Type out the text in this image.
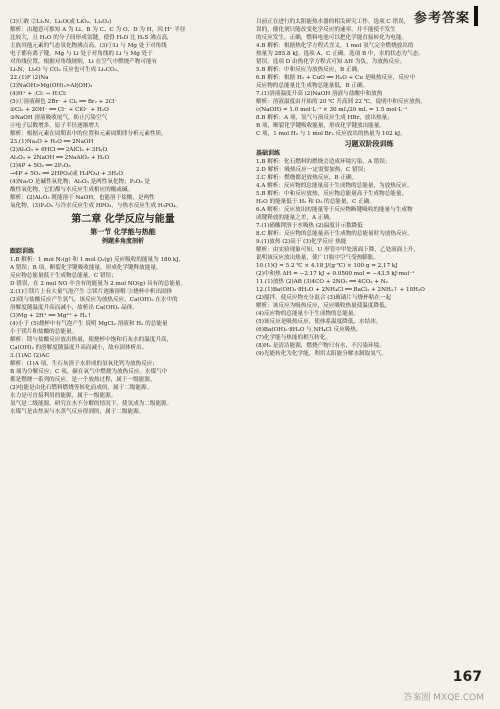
参考答案
(3)①敢 ②Li₂N、Li₂O(或 LiO₂、Li₂O₂)
解析：由题意可推知 A 为 Li、B 为 C、C 为 O、D 为 H，因 H⁺ 半径
比较大，且 H₂O 的分子间形成氢键，使得 H₂O 比 H₂S 沸点高，
主族其他元素的气态氢化物沸点高。(3)①Li 与 Mg 处于对角线
电子都有离子键，Mg 与 Li 处于对角线的 Li 与 Mg 处于
对角线位置，根据对角线规则，Li 在空气中燃烧产物可能有
Li₃N，Li₂O 与 CO₂ 反应也可生成 Li₂CO₃。
22.(1)F (2)Na
(3)NaOH>Mg(OH)₂>Al(OH)₃
(4)H⁺ + :Cl: → H:Cl:
(5)①溶液颜色 2Br⁻ + Cl₂ ══ Br₂ + 2Cl⁻
②Cl₂ + 2OH⁻ ══ Cl⁻ + ClO⁻ + H₂O
③NaOH 溶液吸收尾气，防止污染空气
④电子层数增多，原子半径逐渐增大
解析：根据元素在周期表中的位置和元素周期律分析元素性质。
23.(1)Na₂O + H₂O ══ 2NaOH
(2)Al₂O₃ + 6HCl ══ 2AlCl₃ + 3H₂O
Al₂O₃ + 2NaOH ══ 2NaAlO₂ + H₂O
(3)4P + 5O₂ ══ 2P₂O₅
→4P + 5O₂ ══ 2HPO₃(或 H₃PO₄) + 3H₂O
(4)Na₂O 是碱性氧化物；Al₂O₃ 是两性氧化物；P₂O₅ 是
酸性氧化物，它们都与水反应生成相应的酸或碱。
解析：(2)Al₂O₃ 既能溶于 NaOH，也能溶于盐酸，是两性
氧化物。(3)P₂O₅ 与冷水反应生成 HPO₃，与热水反应生成 H₃PO₄。
第二章 化学反应与能量
第一节 化学能与热能
例题多角度剖析
跟踪训练
1.B 解析：1 mol N₂(g) 和 1 mol O₂(g) 反应吸收的能量为 180 kJ，
A 错误；B 项，断裂化学键吸收能量，形成化学键释放能量，
反应物总能量低于生成物总能量。C 错误；
D 错误，在 2 mol NO 中含有的能量为 2 mol NO(g) 具有的总能量。
2.(1)①镁片上有大量气泡产生 ②镁片逐渐溶解 ③烧杯中析出固体
(2)镁与盐酸反应产生氢气，该反应为放热反应，Ca(OH)₂ 在水中的
溶解度随温度升高而减小，故析出 Ca(OH)₂ 晶体。
(3)Mg + 2H⁺ ══ Mg²⁺ + H₂↑
(4)小于 (5)烧杯中有气泡产生 说明 MgCl₂ 溶液和 H₂ 的总能量
小于镁片和盐酸的总能量。
解析：镁与盐酸反应放出热量，使烧杯中饱和石灰水的温度升高，
Ca(OH)₂ 的溶解度随温度升高而减小，故有固体析出。
3.(1)AC (2)AC
解析：(1)A 项，生石灰溶于水形成的氢氧化钙为放热反应；
B 项为分解反应；C 项，碳在氧气中燃烧为放热反应。水煤气中
都是燃烧一系列的反应，是一个放热过程，属于一级能源。
(2)电能是由化石燃料燃烧等转化而成的，属于二级能源。
水力是可直接利用的能源，属于一级能源。
氢气是二级能源，研究在水不分解的情况下，使氢成为二级能源。
水煤气是由焦炭与水蒸气反应得到的，属于二级能源。
目前正在进行的太阳能热水器的相关研究工作。选项 C 错误，
误的，催化剂只能改变化学反应的速率，并不能使不发生
的反应发生。正确，燃料电池可以把化学能直接转化为电能。
4.B 解析：根据热化学方程式含义，1 mol 氢气完全燃烧放出的
热量为 285.8 kJ。选项 A、C 正确。选项 B 中，水的状态为气态，
错误。选项 D 由热化学方程式可知 ΔH 为负，为放热反应。
5.B 解析：中和反应为放热反应，B 正确。
6.B 解析：根据 H₂ + CuO ══ H₂O + Cu 是吸热反应，反应中
反应物的总能量比生成物总能量低，B 正确。
7.(1)溶液温度升高 (2)NaOH 溶液与盐酸中和放热
解析：溶液温度由开始的 20 ℃ 升高到 22 ℃，说明中和反应放热。
c(NaOH) = 1.0 mol·L⁻¹ × 30 mL/20 mL = 1.5 mol·L⁻¹
8.B 解析：A 项，氢气与溴反应生成 HBr，放出热量；
B 项，断裂化学键吸收能量，形成化学键放出能量。
C 项，1 mol H₂ 与 1 mol Br₂ 反应放出的热量为 102 kJ。
习题双阶段训练
基础训练
1.B 解析：化石燃料的燃烧会造成环境污染，A 错误；
2.D 解析：吸热反应一定需要加热，C 错误；
3.C 解析：燃烧都是放热反应，B 正确。
4.A 解析：反应物的总能量高于生成物的总能量，为放热反应。
5.B 解析：中和反应放热，反应物总能量高于生成物总能量，
H₂O 的能量低于 H₂ 和 O₂ 的总能量，C 正确。
6.A 解析：反应放出的能量等于反应物断键吸收的能量与生成物
成键释放的能量之差，A 正确。
7.(1)硝酸钾溶于水吸热 (2)温度计示数降低
8.C 解析：反应物的总能量高于生成物的总能量时为放热反应。
9.(1)放热 (2)高于 (3)化学反应 热能
解析：由实验现象可知，U 形管中甲处液面下降，乙处液面上升，
说明该反应放出热量，使广口瓶中空气受热膨胀。
10.(1)Q = 5.2 ℃ × 4.18 J/(g·℃) × 100 g = 2.17 kJ
(2)中和热 ΔH = −2.17 kJ ÷ 0.0500 mol = −43.5 kJ·mol⁻¹
11.(1)放热 (2)AB (3)4CO + 2NO₂ ══ 4CO₂ + N₂
12.(1)Ba(OH)₂·8H₂O + 2NH₄Cl ══ BaCl₂ + 2NH₃↑ + 10H₂O
(2)搅拌，使反应物充分混合 (3)玻璃片与烧杯粘在一起
解析：该反应为吸热反应，反应吸收热量使温度降低。
(4)反应物的总能量小于生成物的总能量。
(5)该反应是吸热反应，使体系温度降低，水结冰。
(6)Ba(OH)₂·8H₂O 与 NH₄Cl 反应吸热。
(7)化学能与热能的相互转化。
(8)H₂ 是清洁能源，燃烧产物只有水，不污染环境。
(9)光能转化为化学能，利用太阳能分解水制取氢气。
167
答案圈 MXQE.COM
